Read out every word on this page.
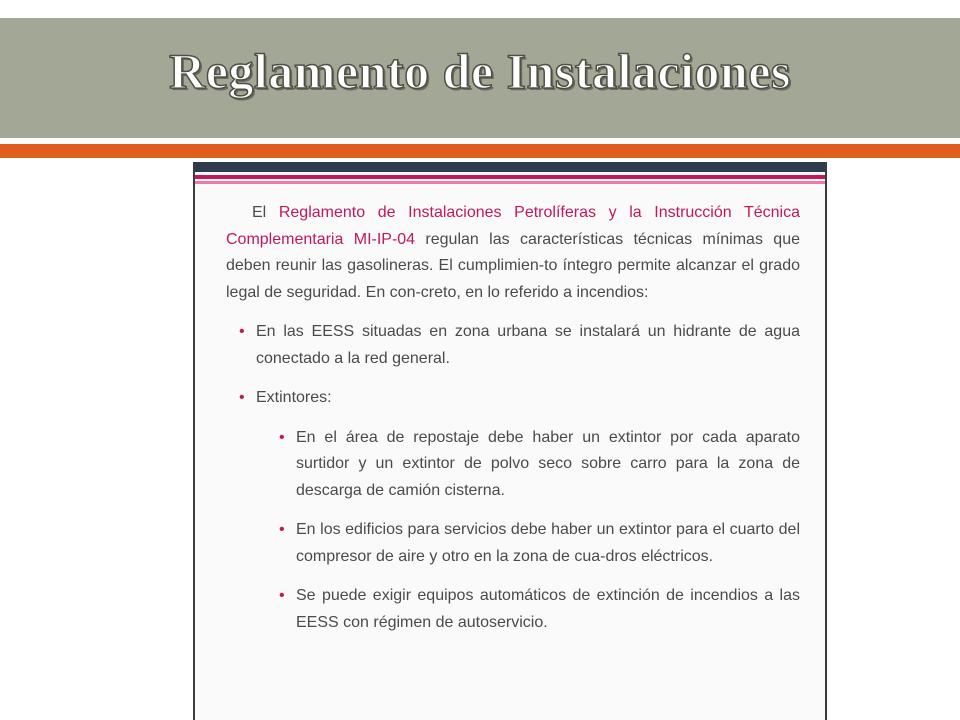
Reglamento de Instalaciones

El Reglamento de Instalaciones Petrolíferas y la Instrucción Técnica Complementaria MI-IP-04 regulan las características técnicas mínimas que deben reunir las gasolineras. El cumplimien-to íntegro permite alcanzar el grado legal de seguridad. En con-creto, en lo referido a incendios:

• En las EESS situadas en zona urbana se instalará un hidrante de agua conectado a la red general.
• Extintores:
• En el área de repostaje debe haber un extintor por cada aparato surtidor y un extintor de polvo seco sobre carro para la zona de descarga de camión cisterna.
• En los edificios para servicios debe haber un extintor para el cuarto del compresor de aire y otro en la zona de cua-dros eléctricos.
• Se puede exigir equipos automáticos de extinción de incendios a las EESS con régimen de autoservicio.
